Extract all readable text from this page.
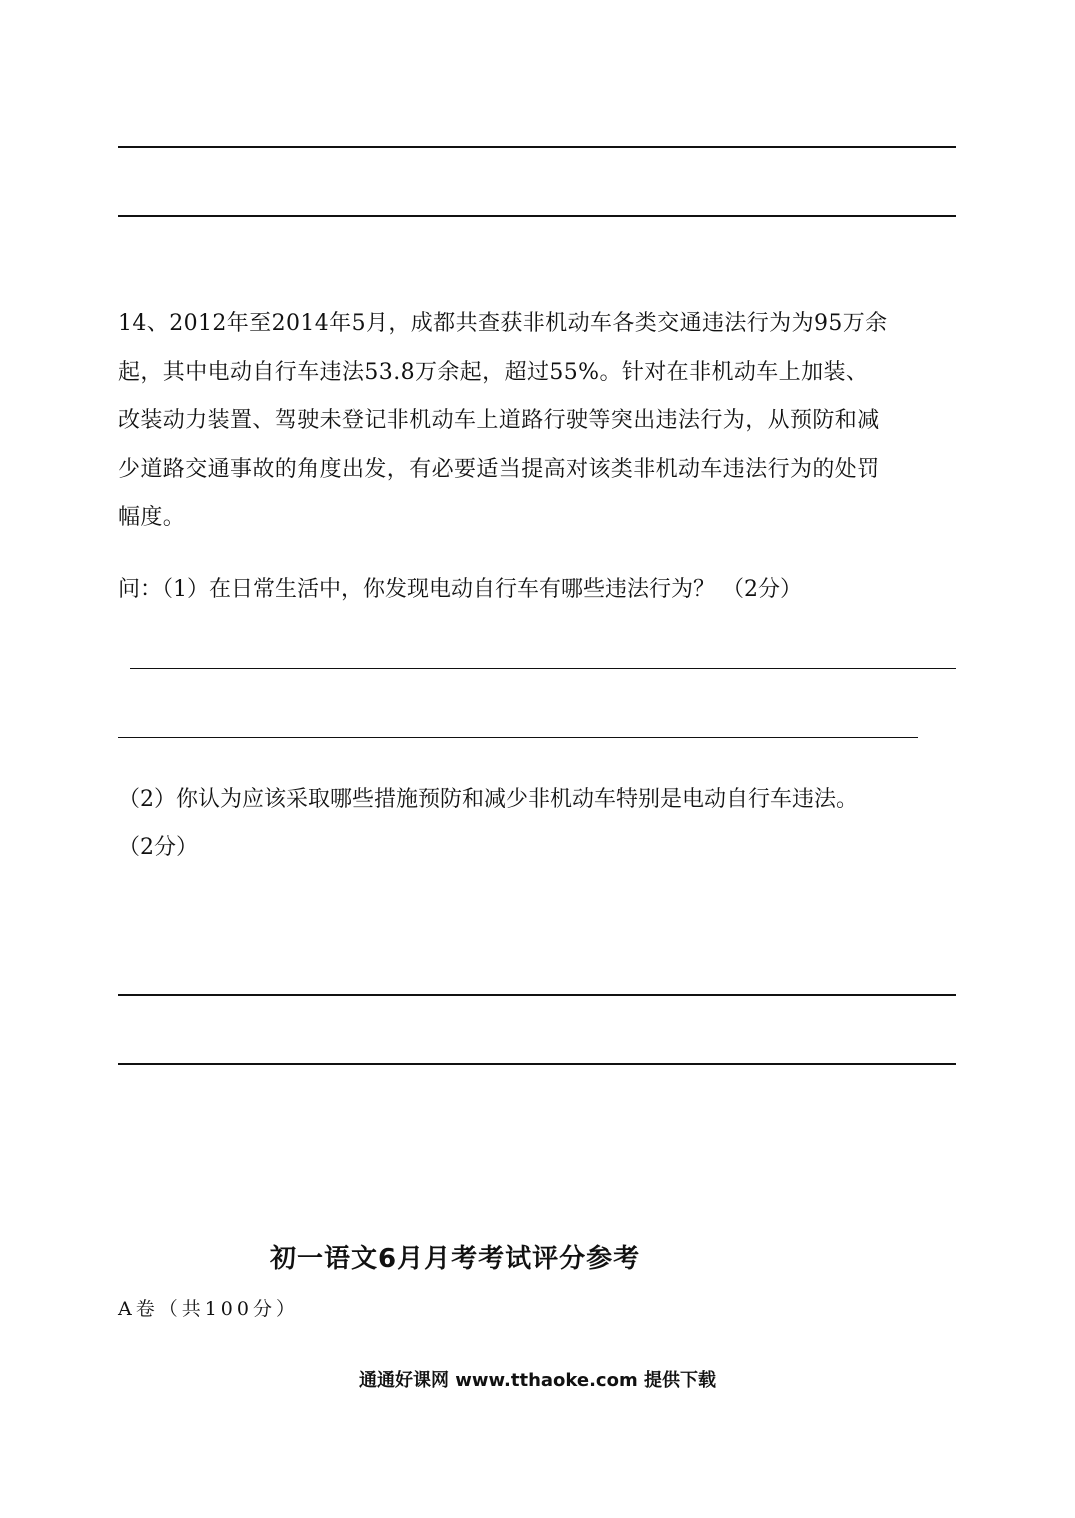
14、2012年至2014年5月，成都共查获非机动车各类交通违法行为为95万余
起，其中电动自行车违法53.8万余起，超过55%。针对在非机动车上加装、
改装动力装置、驾驶未登记非机动车上道路行驶等突出违法行为，从预防和减
少道路交通事故的角度出发，有必要适当提高对该类非机动车违法行为的处罚
幅度。

问：（1）在日常生活中，你发现电动自行车有哪些违法行为？ （2分）

（2）你认为应该采取哪些措施预防和减少非机动车特别是电动自行车违法。

（2分）

初一语文6月月考考试评分参考

A卷（共100分）

通通好课网 www.tthaoke.com 提供下载
